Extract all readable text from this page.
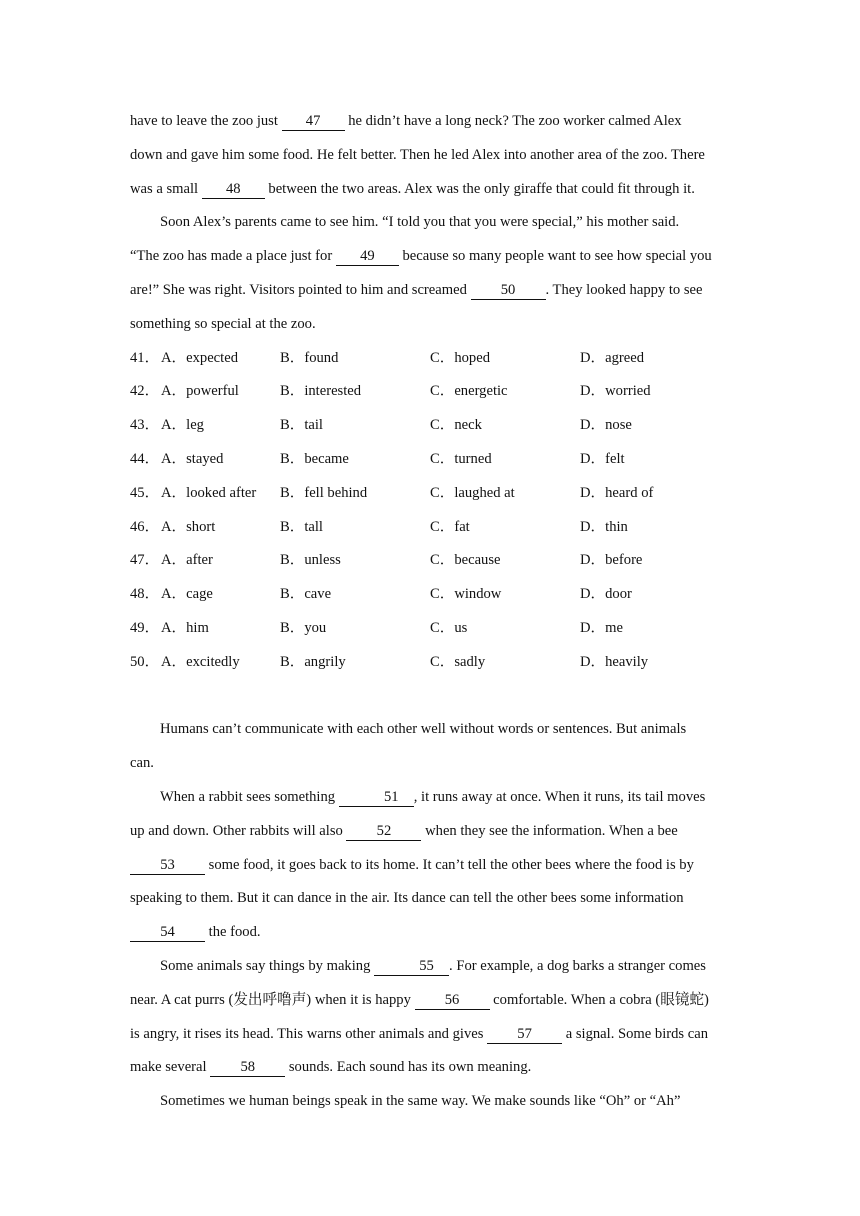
have to leave the zoo just 47 he didn’t have a long neck? The zoo worker calmed Alex
down and gave him some food. He felt better. Then he led Alex into another area of the zoo. There
was a small 48 between the two areas. Alex was the only giraffe that could fit through it.
Soon Alex’s parents came to see him. “I told you that you were special,” his mother said.
“The zoo has made a place just for 49 because so many people want to see how special you
are!” She was right. Visitors pointed to him and screamed 50 . They looked happy to see
something so special at the zoo.
41． A．expected	B．found	C．hoped	D．agreed
42． A．powerful	B．interested	C．energetic	D．worried
43． A．leg	B．tail	C．neck	D．nose
44． A．stayed	B．became	C．turned	D．felt
45． A．looked after B．fell behind	C．laughed at	D．heard of
46． A．short	B．tall	C．fat	D．thin
47． A．after	B．unless	C．because	D．before
48． A．cage	B．cave	C．window	D．door
49． A．him	B．you	C．us	D．me
50． A．excitedly	B．angrily	C．sadly	D．heavily
Humans can’t communicate with each other well without words or sentences. But animals
can.
When a rabbit sees something	51 , it runs away at once. When it runs, its tail moves
up and down. Other rabbits will also 52 when they see the information. When a bee
53 some food, it goes back to its home. It can’t tell the other bees where the food is by
speaking to them. But it can dance in the air. Its dance can tell the other bees some information
54 the food.
Some animals say things by making	55 . For example, a dog barks a stranger comes
near. A cat purrs (发出呼噜声) when it is happy 56 comfortable. When a cobra (眼镜蛇)
is angry, it rises its head. This warns other animals and gives 57 a signal. Some birds can
make several 58 sounds. Each sound has its own meaning.
Sometimes we human beings speak in the same way. We make sounds like “Oh” or “Ah”
